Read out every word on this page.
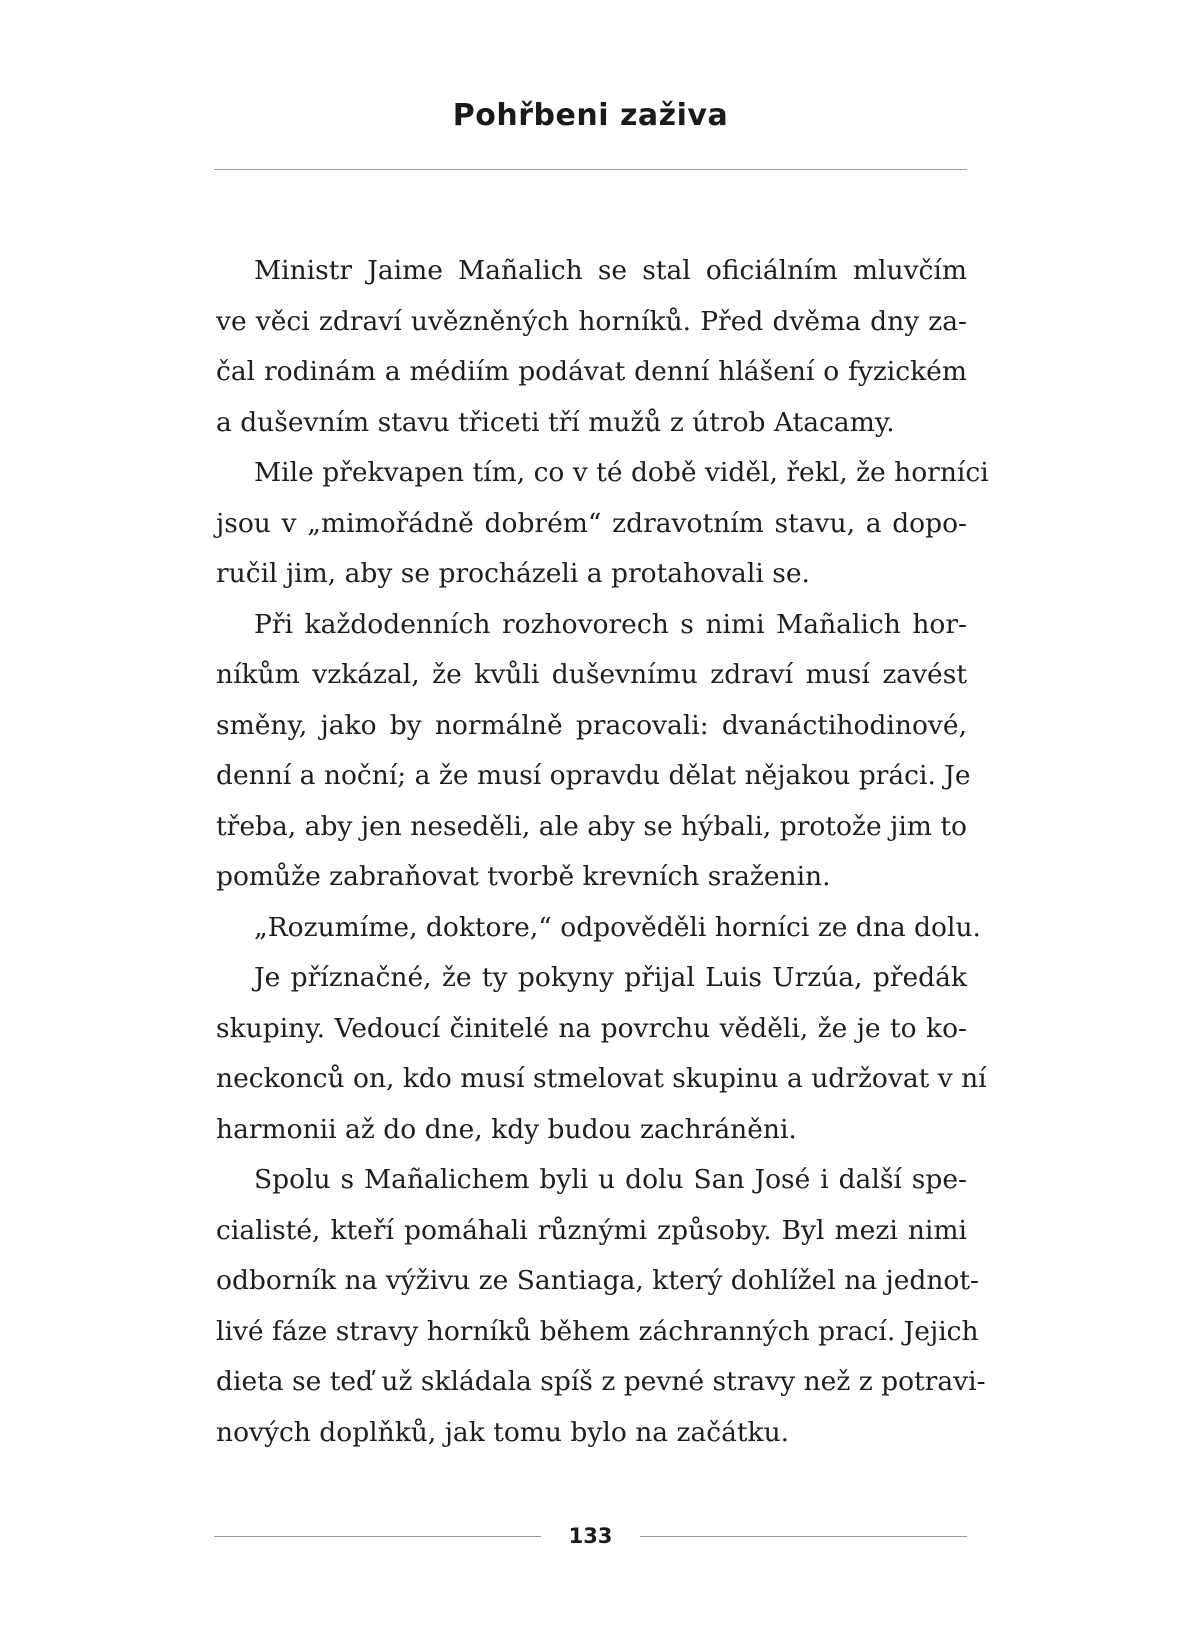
Pohřbeni zaživa
Ministr Jaime Mañalich se stal oficiálním mluvčím
ve věci zdraví uvězněných horníků. Před dvěma dny za-
čal rodinám a médiím podávat denní hlášení o fyzickém
a duševním stavu třiceti tří mužů z útrob Atacamy.
Mile překvapen tím, co v té době viděl, řekl, že horníci
jsou v „mimořádně dobrém“ zdravotním stavu, a dopo-
ručil jim, aby se procházeli a protahovali se.
Při každodenních rozhovorech s nimi Mañalich hor-
níkům vzkázal, že kvůli duševnímu zdraví musí zavést
směny, jako by normálně pracovali: dvanáctihodinové,
denní a noční; a že musí opravdu dělat nějakou práci. Je
třeba, aby jen neseděli, ale aby se hýbali, protože jim to
pomůže zabraňovat tvorbě krevních sraženin.
„Rozumíme, doktore,“ odpověděli horníci ze dna dolu.
Je příznačné, že ty pokyny přijal Luis Urzúa, předák
skupiny. Vedoucí činitelé na povrchu věděli, že je to ko-
neckonců on, kdo musí stmelovat skupinu a udržovat v ní
harmonii až do dne, kdy budou zachráněni.
Spolu s Mañalichem byli u dolu San José i další spe-
cialisté, kteří pomáhali různými způsoby. Byl mezi nimi
odborník na výživu ze Santiaga, který dohlížel na jednot-
livé fáze stravy horníků během záchranných prací. Jejich
dieta se teď už skládala spíš z pevné stravy než z potravi-
nových doplňků, jak tomu bylo na začátku.
133
